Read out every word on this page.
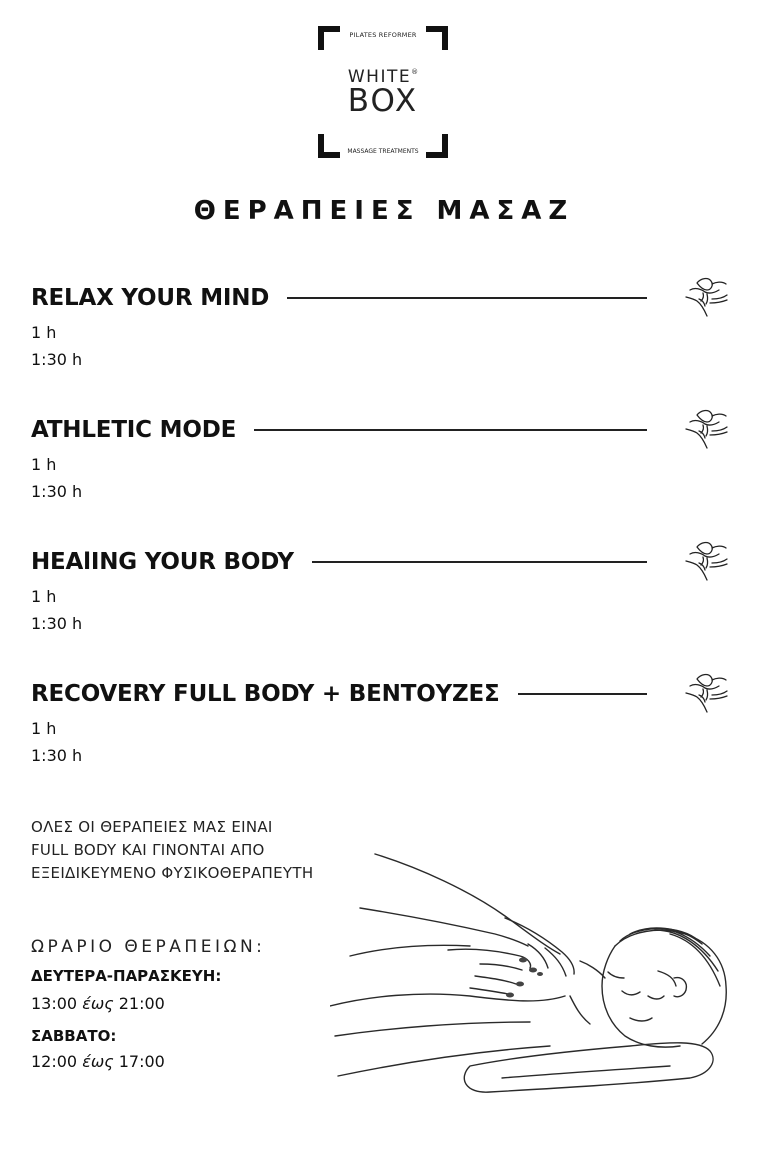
PILATES REFORMER
WHITE®
BOX
MASSAGE TREATMENTS
ΘΕΡΑΠΕΙΕΣ ΜΑΣΑΖ
RELAX YOUR MIND
1 h
1:30 h
ATHLETIC MODE
1 h
1:30 h
HEAlING YOUR BODY
1 h
1:30 h
RECOVERY FULL BODY + ΒΕΝΤΟΥΖΕΣ
1 h
1:30 h
ΟΛΕΣ ΟΙ ΘΕΡΑΠΕΙΕΣ ΜΑΣ ΕΙΝΑΙ
FULL BODY ΚΑΙ ΓΙΝΟΝΤΑΙ ΑΠΟ
ΕΞΕΙΔΙΚΕΥΜΕΝΟ ΦΥΣΙΚΟΘΕΡΑΠΕΥΤΗ
ΩΡΑΡΙΟ ΘΕΡΑΠΕΙΩΝ:
ΔΕΥΤΕΡΑ-ΠΑΡΑΣΚΕΥΗ:
13:00 έως 21:00
ΣΑΒΒΑΤΟ:
12:00 έως 17:00
